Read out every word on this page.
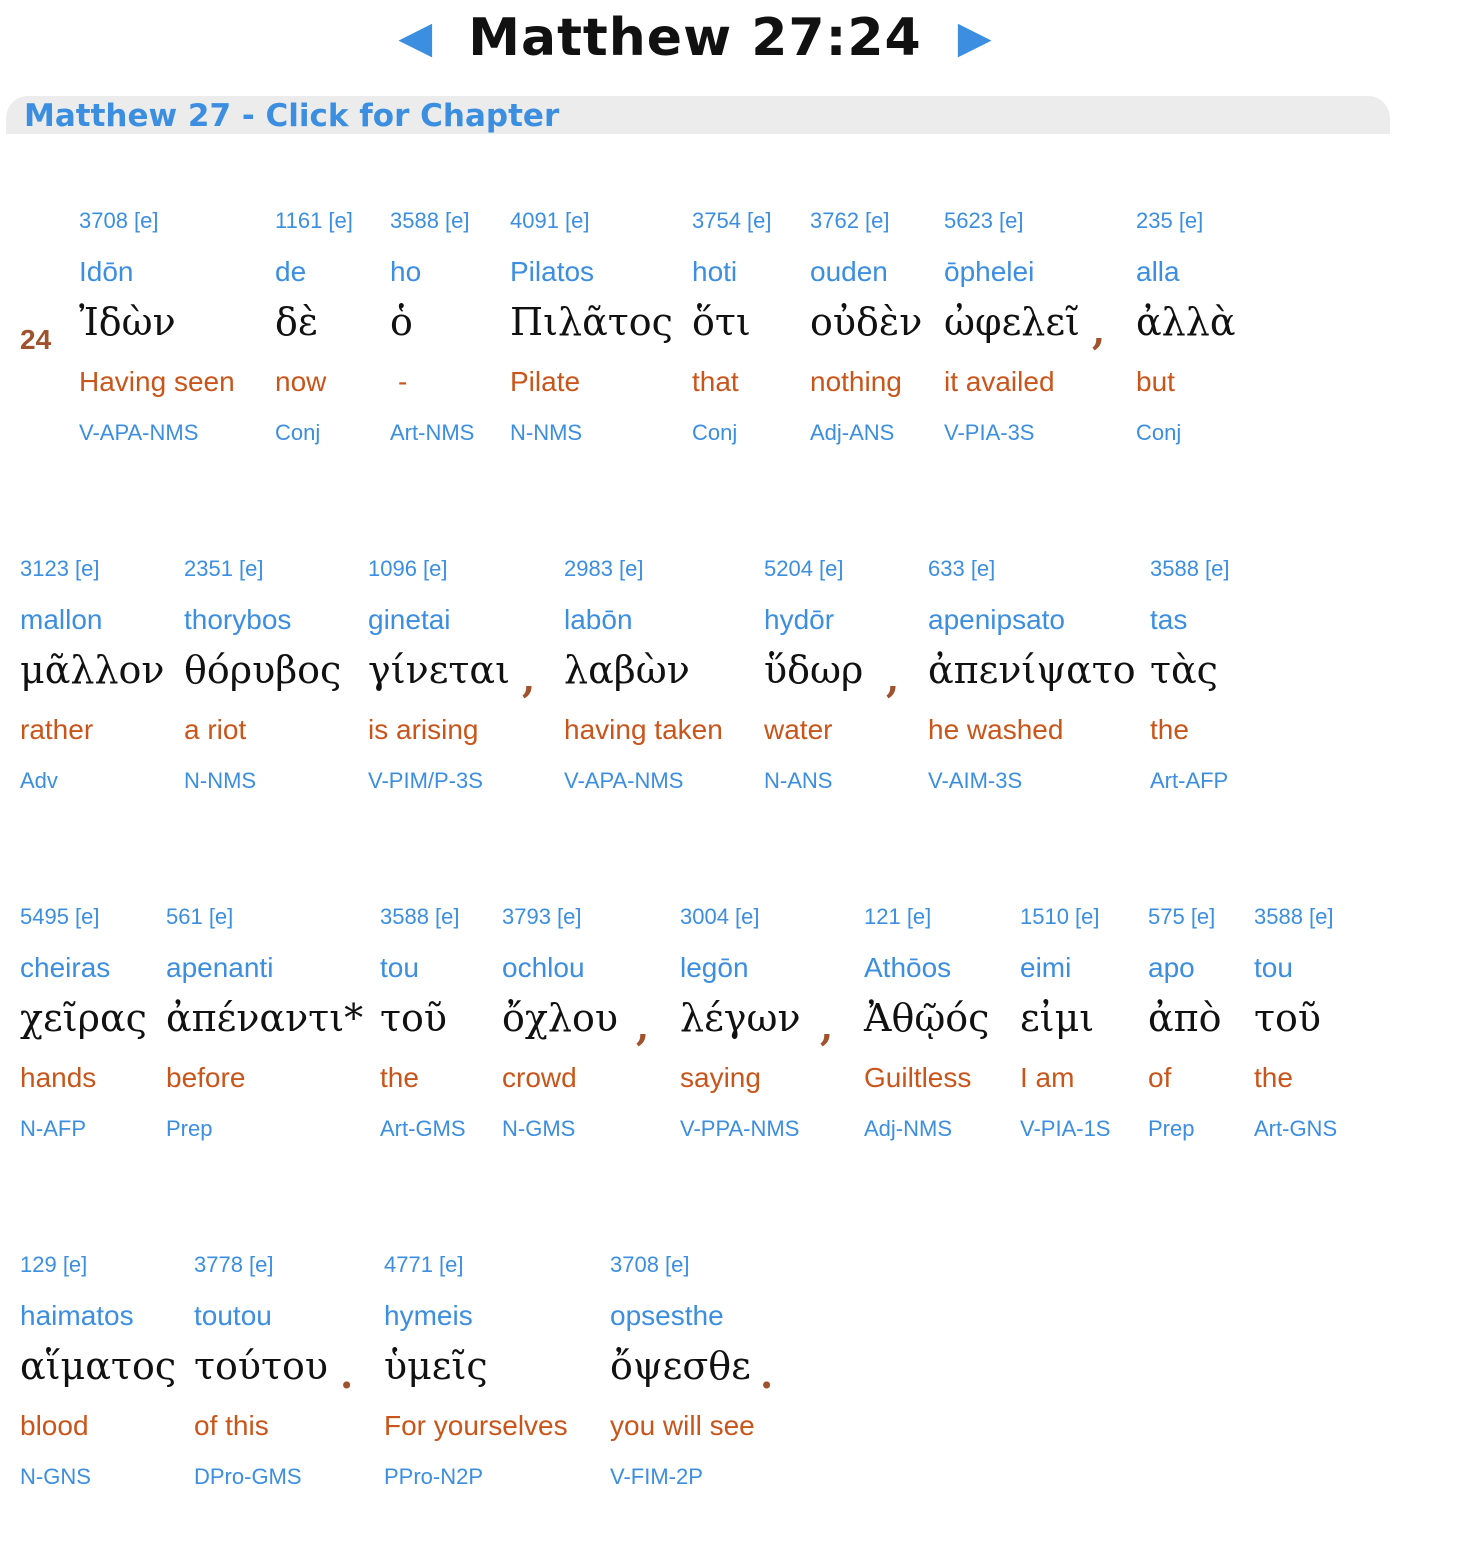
◀ Matthew 27:24 ▶
Matthew 27 - Click for Chapter
24
3708 [e]
Idōn
Ἰδὼν
Having seen
V-APA-NMS
1161 [e]
de
δὲ
now
Conj
3588 [e]
ho
ὁ
-
Art-NMS
4091 [e]
Pilatos
Πιλᾶτος
Pilate
N-NMS
3754 [e]
hoti
ὅτι
that
Conj
3762 [e]
ouden
οὐδὲν
nothing
Adj-ANS
5623 [e]
ōphelei
ὠφελεῖ
it availed
V-PIA-3S
,
235 [e]
alla
ἀλλὰ
but
Conj
3123 [e]
mallon
μᾶλλον
rather
Adv
2351 [e]
thorybos
θόρυβος
a riot
N-NMS
1096 [e]
ginetai
γίνεται
is arising
V-PIM/P-3S
,
2983 [e]
labōn
λαβὼν
having taken
V-APA-NMS
5204 [e]
hydōr
ὕδωρ
water
N-ANS
,
633 [e]
apenipsato
ἀπενίψατο
he washed
V-AIM-3S
3588 [e]
tas
τὰς
the
Art-AFP
5495 [e]
cheiras
χεῖρας
hands
N-AFP
561 [e]
apenanti
ἀπέναντι*
before
Prep
3588 [e]
tou
τοῦ
the
Art-GMS
3793 [e]
ochlou
ὄχλου
crowd
N-GMS
,
3004 [e]
legōn
λέγων
saying
V-PPA-NMS
,
121 [e]
Athōos
Ἀθῷός
Guiltless
Adj-NMS
1510 [e]
eimi
εἰμι
I am
V-PIA-1S
575 [e]
apo
ἀπὸ
of
Prep
3588 [e]
tou
τοῦ
the
Art-GNS
129 [e]
haimatos
αἵματος
blood
N-GNS
3778 [e]
toutou
τούτου
of this
DPro-GMS
.
4771 [e]
hymeis
ὑμεῖς
For yourselves
PPro-N2P
3708 [e]
opsesthe
ὄψεσθε
you will see
V-FIM-2P
.
